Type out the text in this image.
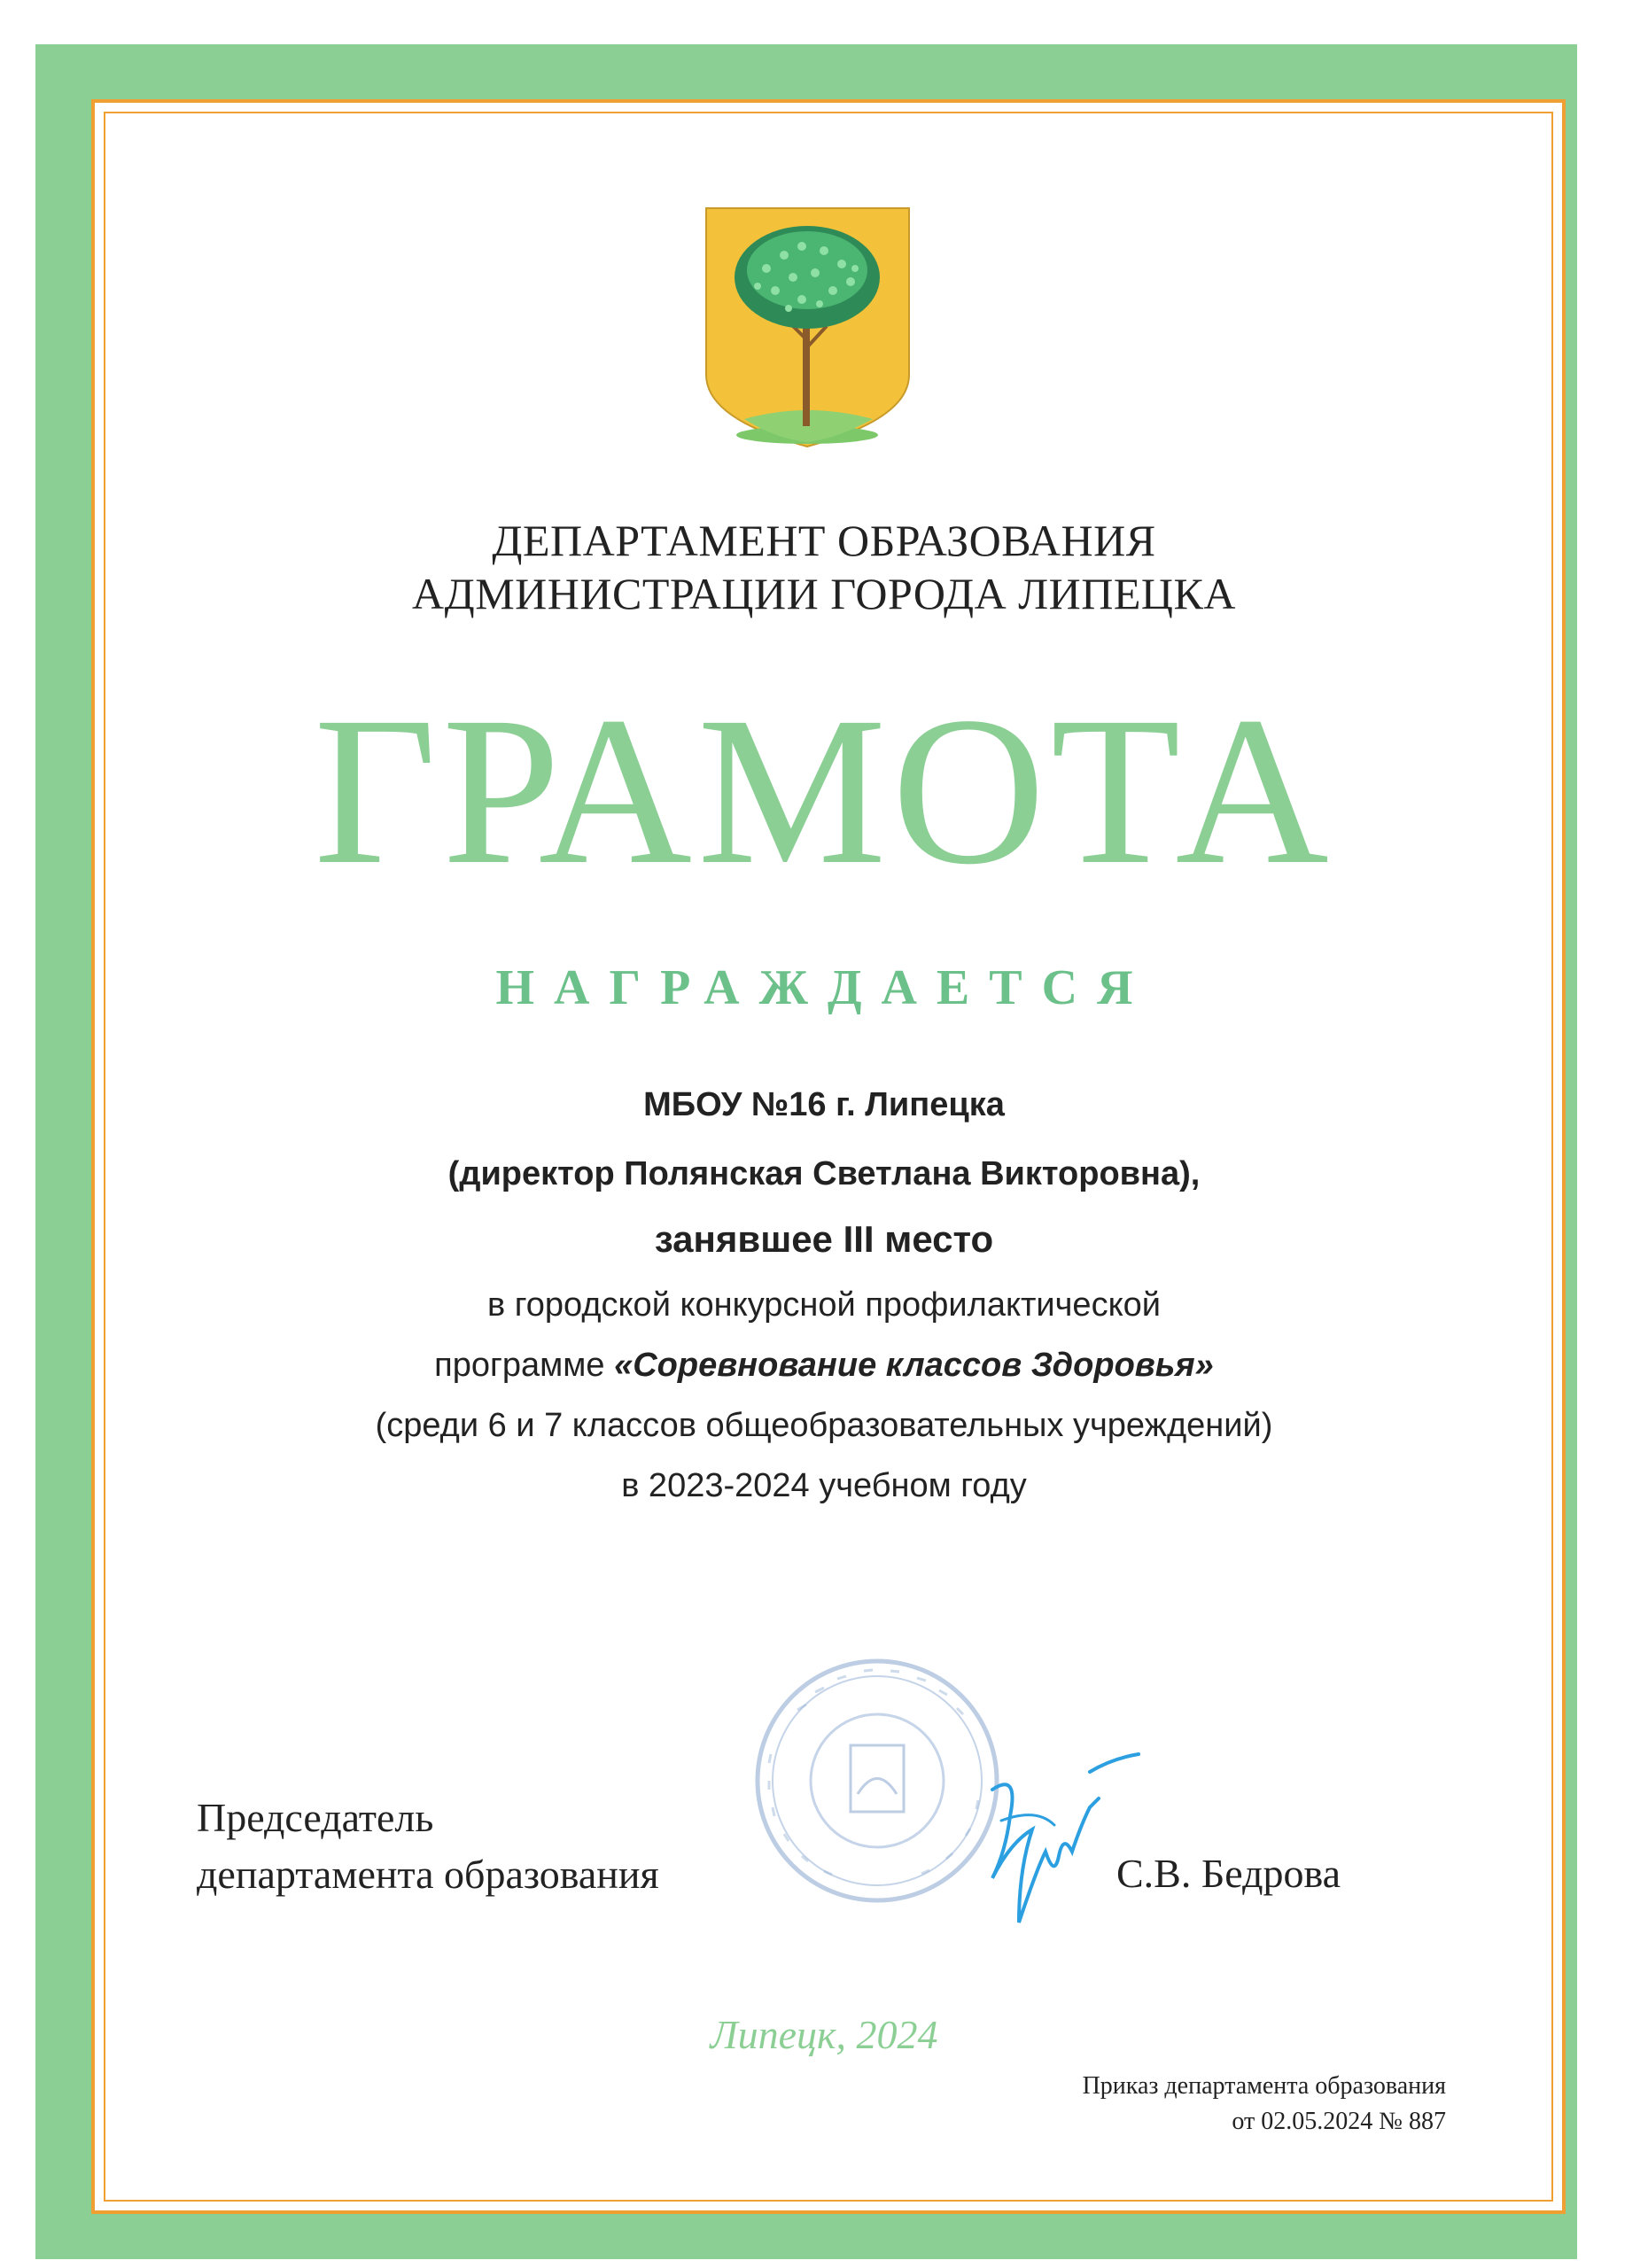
ДЕПАРТАМЕНТ ОБРАЗОВАНИЯ
АДМИНИСТРАЦИИ ГОРОДА ЛИПЕЦКА

ГРАМОТА

НАГРАЖДАЕТСЯ

МБОУ №16 г. Липецка

(директор Полянская Светлана Викторовна),

занявшее III место

в городской конкурсной профилактической

программе «Соревнование классов Здоровья»

(среди 6 и 7 классов общеобразовательных учреждений)

в 2023-2024 учебном году

Председатель
департамента образования	С.В. Бедрова

Липецк, 2024

Приказ департамента образования
от 02.05.2024 № 887
